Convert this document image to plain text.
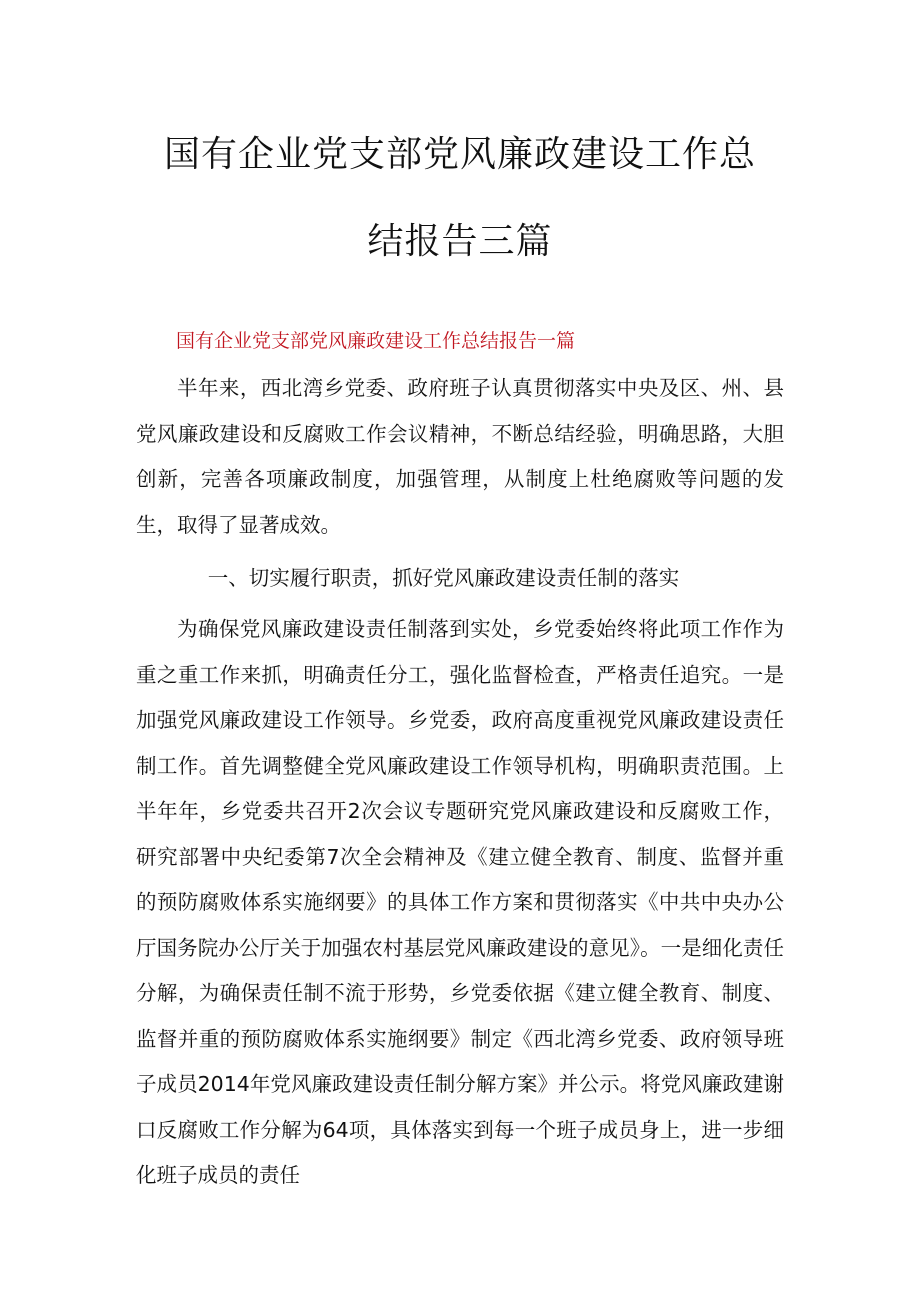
国有企业党支部党风廉政建设工作总
结报告三篇
国有企业党支部党风廉政建设工作总结报告一篇

半年来，西北湾乡党委、政府班子认真贯彻落实中央及区、州、县党风廉政建设和反腐败工作会议精神，不断总结经验，明确思路，大胆创新，完善各项廉政制度，加强管理，从制度上杜绝腐败等问题的发生，取得了显著成效。

一、切实履行职责，抓好党风廉政建设责任制的落实

为确保党风廉政建设责任制落到实处，乡党委始终将此项工作作为重之重工作来抓，明确责任分工，强化监督检查，严格责任追究。一是加强党风廉政建设工作领导。乡党委，政府高度重视党风廉政建设责任制工作。首先调整健全党风廉政建设工作领导机构，明确职责范围。上半年年，乡党委共召开2次会议专题研究党风廉政建设和反腐败工作，研究部署中央纪委第7次全会精神及《建立健全教育、制度、监督并重的预防腐败体系实施纲要》的具体工作方案和贯彻落实《中共中央办公厅国务院办公厅关于加强农村基层党风廉政建设的意见》。一是细化责任分解，为确保责任制不流于形势，乡党委依据《建立健全教育、制度、监督并重的预防腐败体系实施纲要》制定《西北湾乡党委、政府领导班子成员2014年党风廉政建设责任制分解方案》并公示。将党风廉政建谢口反腐败工作分解为64项，具体落实到每一个班子成员身上，进一步细化班子成员的责任
